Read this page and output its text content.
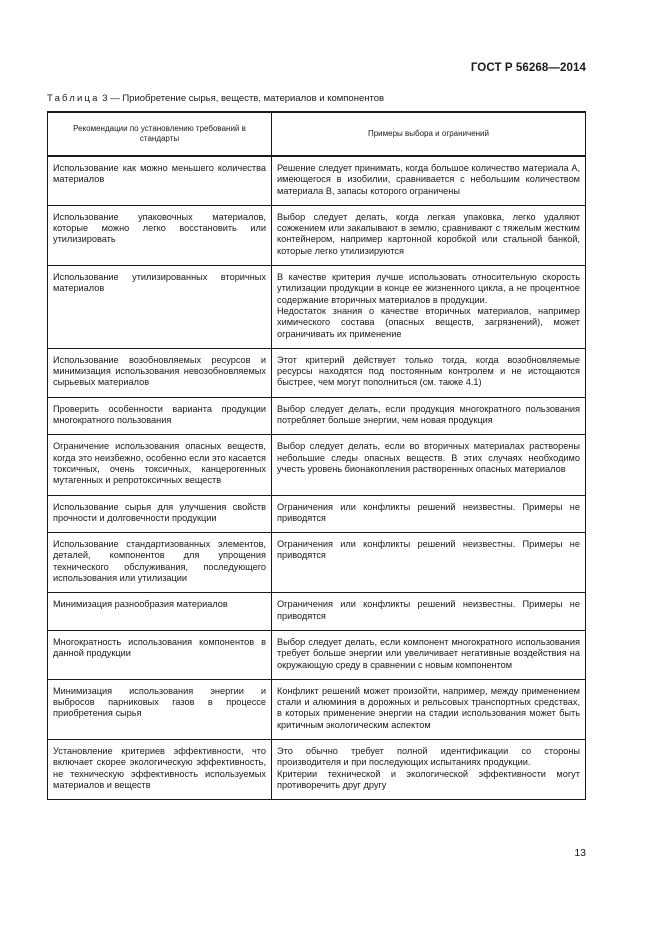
ГОСТ Р 56268—2014
Таблица 3 — Приобретение сырья, веществ, материалов и компонентов
Рекомендации по установлению требований в стандарты	Примеры выбора и ограничений
Использование как можно меньшего количества материалов	Решение следует принимать, когда большое количество материала А, имеющегося в изобилии, сравнивается с небольшим количеством материала В, запасы которого ограничены
Использование упаковочных материалов, которые можно легко восстановить или утилизировать	Выбор следует делать, когда легкая упаковка, легко удаляют сожжением или закапывают в землю, сравнивают с тяжелым жестким контейнером, например картонной коробкой или стальной банкой, которые легко утилизируются
Использование утилизированных вторичных материалов	В качестве критерия лучше использовать относительную скорость утилизации продукции в конце ее жизненного цикла, а не процентное содержание вторичных материалов в продукции.
Недостаток знания о качестве вторичных материалов, например химического состава (опасных веществ, загрязнений), может ограничивать их применение
Использование возобновляемых ресурсов и минимизация использования невозобновляемых сырьевых материалов	Этот критерий действует только тогда, когда возобновляемые ресурсы находятся под постоянным контролем и не истощаются быстрее, чем могут пополниться (см. также 4.1)
Проверить особенности варианта продукции многократного пользования	Выбор следует делать, если продукция многократного пользования потребляет больше энергии, чем новая продукция
Ограничение использования опасных веществ, когда это неизбежно, особенно если это касается токсичных, очень токсичных, канцерогенных мутагенных и репротоксичных веществ	Выбор следует делать, если во вторичных материалах растворены небольшие следы опасных веществ. В этих случаях необходимо учесть уровень бионакопления растворенных опасных материалов
Использование сырья для улучшения свойств прочности и долговечности продукции	Ограничения или конфликты решений неизвестны. Примеры не приводятся
Использование стандартизованных элементов, деталей, компонентов для упрощения технического обслуживания, последующего использования или утилизации	Ограничения или конфликты решений неизвестны. Примеры не приводятся
Минимизация разнообразия материалов	Ограничения или конфликты решений неизвестны. Примеры не приводятся
Многократность использования компонентов в данной продукции	Выбор следует делать, если компонент многократного использования требует больше энергии или увеличивает негативные воздействия на окружающую среду в сравнении с новым компонентом
Минимизация использования энергии и выбросов парниковых газов в процессе приобретения сырья	Конфликт решений может произойти, например, между применением стали и алюминия в дорожных и рельсовых транспортных средствах, в которых применение энергии на стадии использования может быть критичным экологическим аспектом
Установление критериев эффективности, что включает скорее экологическую эффективность, не техническую эффективность используемых материалов и веществ	Это обычно требует полной идентификации со стороны производителя и при последующих испытаниях продукции.
Критерии технической и экологической эффективности могут противоречить друг другу
13
